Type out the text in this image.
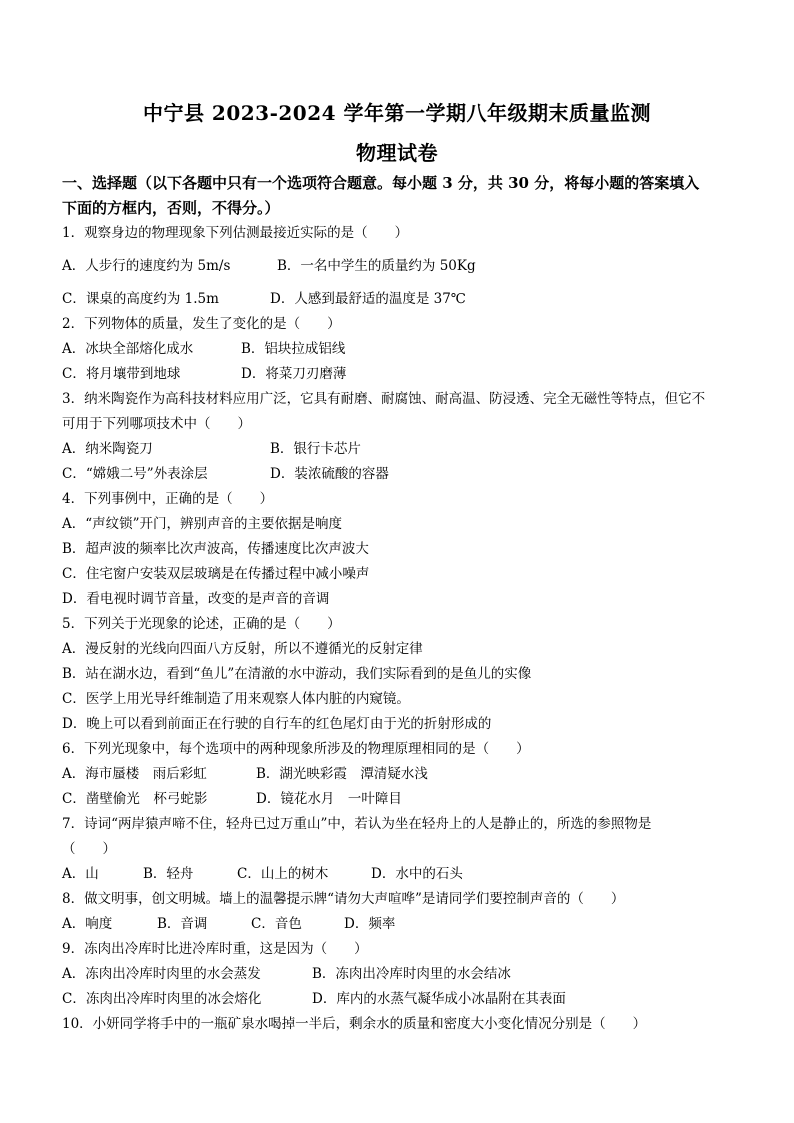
中宁县 2023-2024 学年第一学期八年级期末质量监测
物理试卷
一、选择题（以下各题中只有一个选项符合题意。每小题 3 分，共 30 分，将每小题的答案填入
下面的方框内，否则，不得分。）
1．观察身边的物理现象下列估测最接近实际的是（　　）
A．人步行的速度约为 5m/s	B．一名中学生的质量约为 50Kg
C．课桌的高度约为 1.5m	D．人感到最舒适的温度是 37℃
2．下列物体的质量，发生了变化的是（　　）
A．冰块全部熔化成水	B．铝块拉成铝线
C．将月壤带到地球	D．将菜刀刃磨薄
3．纳米陶瓷作为高科技材料应用广泛，它具有耐磨、耐腐蚀、耐高温、防浸透、完全无磁性等特点，但它不
可用于下列哪项技术中（　　）
A．纳米陶瓷刀	B．银行卡芯片
C．“嫦娥二号”外表涂层	D．装浓硫酸的容器
4．下列事例中，正确的是（　　）
A．“声纹锁”开门，辨别声音的主要依据是响度
B．超声波的频率比次声波高，传播速度比次声波大
C．住宅窗户安装双层玻璃是在传播过程中减小噪声
D．看电视时调节音量，改变的是声音的音调
5．下列关于光现象的论述，正确的是（　　）
A．漫反射的光线向四面八方反射，所以不遵循光的反射定律
B．站在湖水边，看到“鱼儿”在清澈的水中游动，我们实际看到的是鱼儿的实像
C．医学上用光导纤维制造了用来观察人体内脏的内窥镜。
D．晚上可以看到前面正在行驶的自行车的红色尾灯由于光的折射形成的
6．下列光现象中，每个选项中的两种现象所涉及的物理原理相同的是（　　）
A．海市蜃楼　雨后彩虹	B．湖光映彩霞　潭清疑水浅
C．凿壁偷光　杯弓蛇影	D．镜花水月　一叶障目
7．诗词“两岸猿声啼不住，轻舟已过万重山”中，若认为坐在轻舟上的人是静止的，所选的参照物是
（　　）
A．山	B．轻舟	C．山上的树木	D．水中的石头
8．做文明事，创文明城。墙上的温馨提示牌“请勿大声喧哗”是请同学们要控制声音的（　　）
A．响度	B．音调	C．音色	D．频率
9．冻肉出冷库时比进冷库时重，这是因为（　　）
A．冻肉出冷库时肉里的水会蒸发	B．冻肉出冷库时肉里的水会结冰
C．冻肉出冷库时肉里的冰会熔化	D．库内的水蒸气凝华成小冰晶附在其表面
10．小妍同学将手中的一瓶矿泉水喝掉一半后，剩余水的质量和密度大小变化情况分别是（　　）
